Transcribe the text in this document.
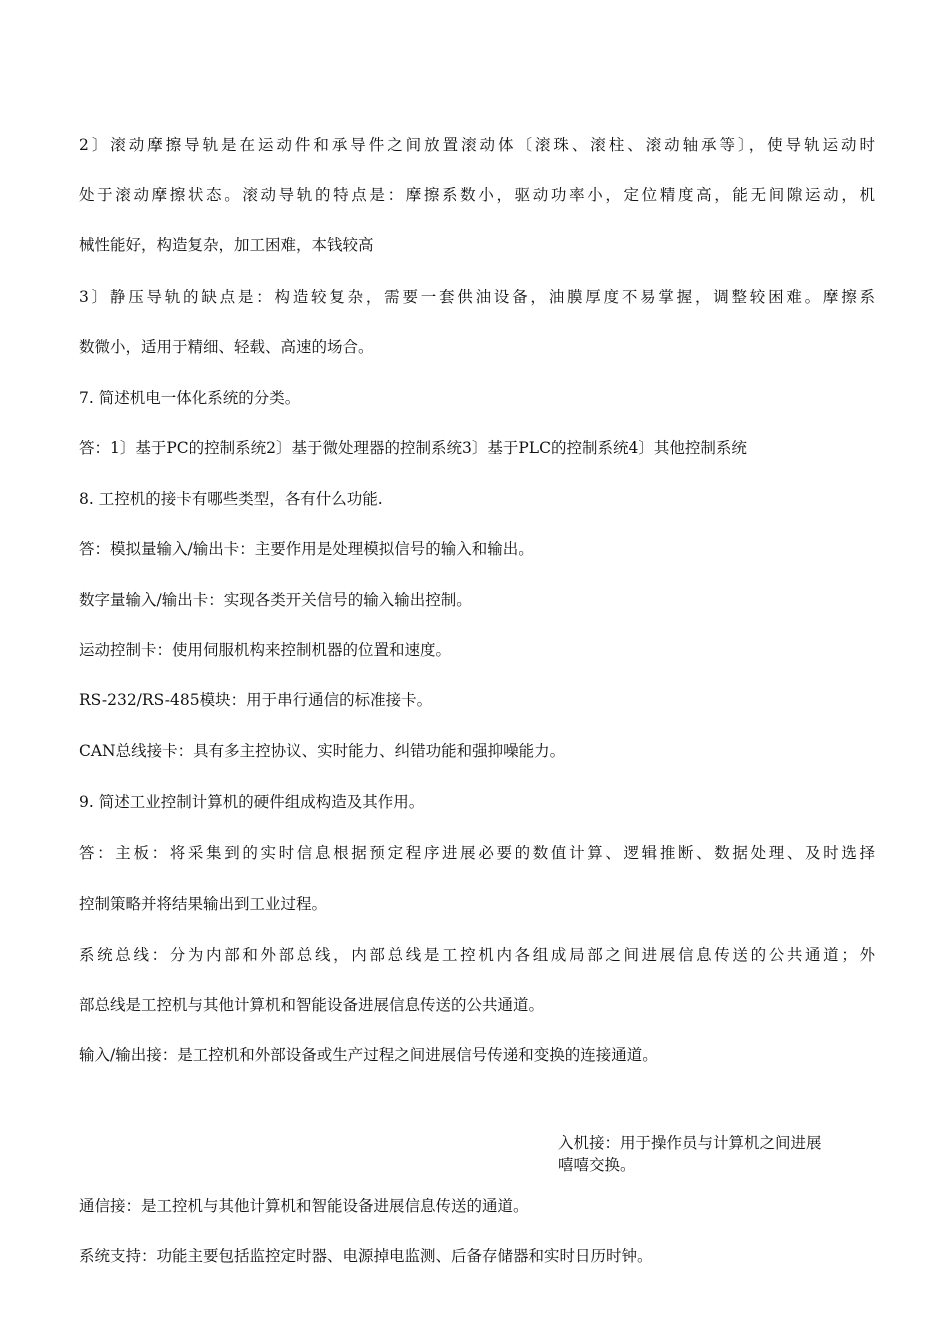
2〕滚动摩擦导轨是在运动件和承导件之间放置滚动体〔滚珠、滚柱、滚动轴承等〕，使导轨运动时
处于滚动摩擦状态。滚动导轨的特点是：摩擦系数小，驱动功率小，定位精度高，能无间隙运动，机
械性能好，构造复杂，加工困难，本钱较高
3〕静压导轨的缺点是：构造较复杂，需要一套供油设备，油膜厚度不易掌握，调整较困难。摩擦系
数微小，适用于精细、轻载、高速的场合。
7. 简述机电一体化系统的分类。
答：1〕基于PC的控制系统2〕基于微处理器的控制系统3〕基于PLC的控制系统4〕其他控制系统
8. 工控机的接卡有哪些类型，各有什么功能.
答：模拟量输入/输出卡：主要作用是处理模拟信号的输入和输出。
数字量输入/输出卡：实现各类开关信号的输入输出控制。
运动控制卡：使用伺服机构来控制机器的位置和速度。
RS-232/RS-485模块：用于串行通信的标准接卡。
CAN总线接卡：具有多主控协议、实时能力、纠错功能和强抑噪能力。
9. 简述工业控制计算机的硬件组成构造及其作用。
答：主板：将采集到的实时信息根据预定程序进展必要的数值计算、逻辑推断、数据处理、及时选择
控制策略并将结果输出到工业过程。
系统总线：分为内部和外部总线，内部总线是工控机内各组成局部之间进展信息传送的公共通道；外
部总线是工控机与其他计算机和智能设备进展信息传送的公共通道。
输入/输出接：是工控机和外部设备或生产过程之间进展信号传递和变换的连接通道。
入机接：用于操作员与计算机之间进展
嘻嘻交换。
通信接：是工控机与其他计算机和智能设备进展信息传送的通道。
系统支持：功能主要包括监控定时器、电源掉电监测、后备存储器和实时日历时钟。
